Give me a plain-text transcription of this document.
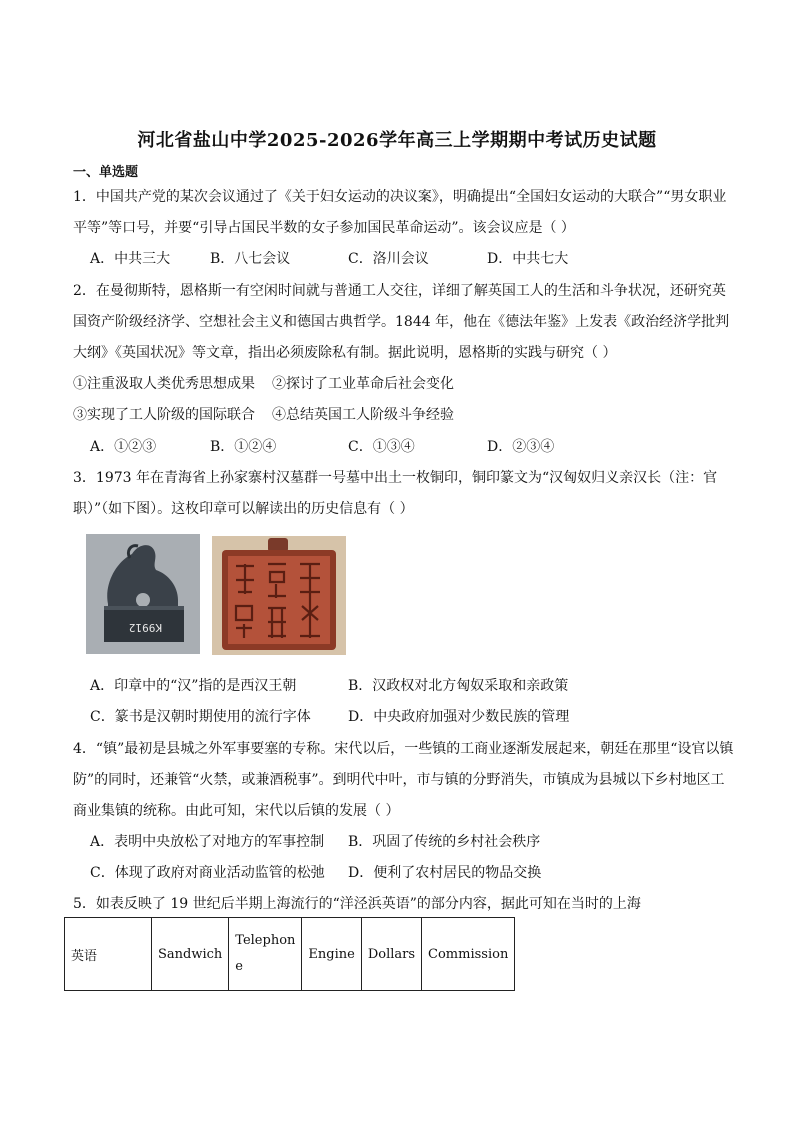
河北省盐山中学2025-2026学年高三上学期期中考试历史试题
一、单选题
1．中国共产党的某次会议通过了《关于妇女运动的决议案》，明确提出“全国妇女运动的大联合”“男女职业
平等”等口号，并要“引导占国民半数的女子参加国民革命运动”。该会议应是（ ）
A．中共三大	B．八七会议	C．洛川会议	D．中共七大
2．在曼彻斯特，恩格斯一有空闲时间就与普通工人交往，详细了解英国工人的生活和斗争状况，还研究英
国资产阶级经济学、空想社会主义和德国古典哲学。1844 年，他在《德法年鉴》上发表《政治经济学批判
大纲》《英国状况》等文章，指出必须废除私有制。据此说明，恩格斯的实践与研究（ ）
①注重汲取人类优秀思想成果 ②探讨了工业革命后社会变化
③实现了工人阶级的国际联合 ④总结英国工人阶级斗争经验
A．①②③	B．①②④	C．①③④	D．②③④
3．1973 年在青海省上孙家寨村汉墓群一号墓中出土一枚铜印，铜印篆文为“汉匈奴归义亲汉长（注：官
职）”（如下图）。这枚印章可以解读出的历史信息有（ ）
K9912
A．印章中的“汉”指的是西汉王朝	B．汉政权对北方匈奴采取和亲政策
C．篆书是汉朝时期使用的流行字体	D．中央政府加强对少数民族的管理
4．“镇”最初是县城之外军事要塞的专称。宋代以后，一些镇的工商业逐渐发展起来，朝廷在那里“设官以镇
防”的同时，还兼管“火禁，或兼酒税事”。到明代中叶，市与镇的分野消失，市镇成为县城以下乡村地区工
商业集镇的统称。由此可知，宋代以后镇的发展（ ）
A．表明中央放松了对地方的军事控制 B．巩固了传统的乡村社会秩序
C．体现了政府对商业活动监管的松弛 D．便利了农村居民的物品交换
5．如表反映了 19 世纪后半期上海流行的“洋泾浜英语”的部分内容，据此可知在当时的上海
英语	Sandwich	Telephon e	Engine	Dollars	Commission
